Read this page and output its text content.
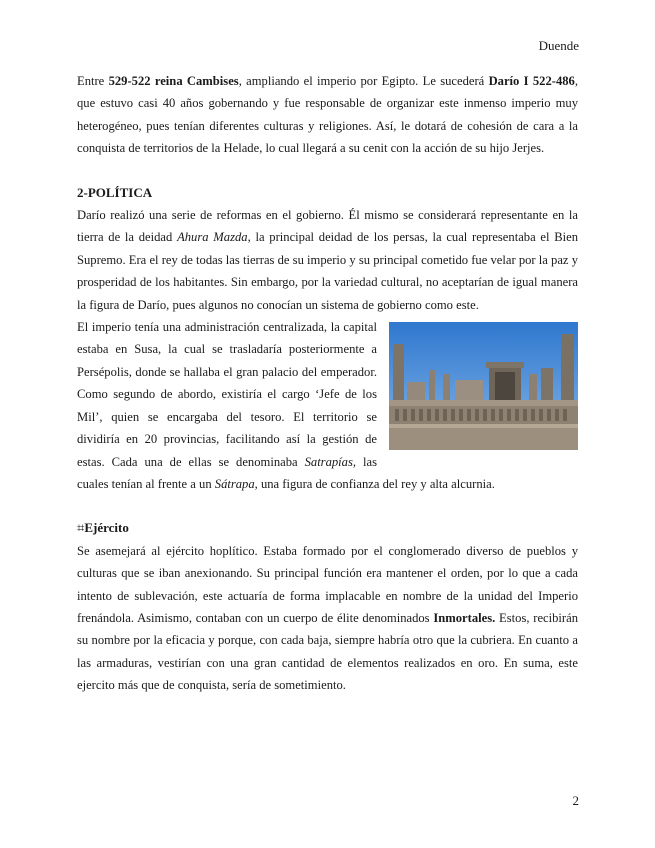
Duende

Entre 529-522 reina Cambises, ampliando el imperio por Egipto. Le sucederá Darío I 522-486, que estuvo casi 40 años gobernando y fue responsable de organizar este inmenso imperio muy heterogéneo, pues tenían diferentes culturas y religiones. Así, le dotará de cohesión de cara a la conquista de territorios de la Helade, lo cual llegará a su cenit con la acción de su hijo Jerjes.

2-POLÍTICA

Darío realizó una serie de reformas en el gobierno. Él mismo se considerará representante en la tierra de la deidad Ahura Mazda, la principal deidad de los persas, la cual representaba el Bien Supremo. Era el rey de todas las tierras de su imperio y su principal cometido fue velar por la paz y prosperidad de los habitantes. Sin embargo, por la variedad cultural, no aceptarían de igual manera la figura de Darío, pues algunos no conocían un sistema de gobierno como este.

El imperio tenía una administración centralizada, la capital estaba en Susa, la cual se trasladaría posteriormente a Persépolis, donde se hallaba el gran palacio del emperador. Como segundo de abordo, existiría el cargo ‘Jefe de los Mil’, quien se encargaba del tesoro. El territorio se dividiría en 20 provincias, facilitando así la gestión de estas. Cada una de ellas se denominaba Satrapías, las cuales tenían al frente a un Sátrapa, una figura de confianza del rey y alta alcurnia.

⌗Ejército

Se asemejará al ejército hoplítico. Estaba formado por el conglomerado diverso de pueblos y culturas que se iban anexionando. Su principal función era mantener el orden, por lo que a cada intento de sublevación, este actuaría de forma implacable en nombre de la unidad del Imperio frenándola. Asimismo, contaban con un cuerpo de élite denominados Inmortales. Estos, recibirán su nombre por la eficacia y porque, con cada baja, siempre habría otro que la cubriera. En cuanto a las armaduras, vestirían con una gran cantidad de elementos realizados en oro. En suma, este ejercito más que de conquista, sería de sometimiento.

2
